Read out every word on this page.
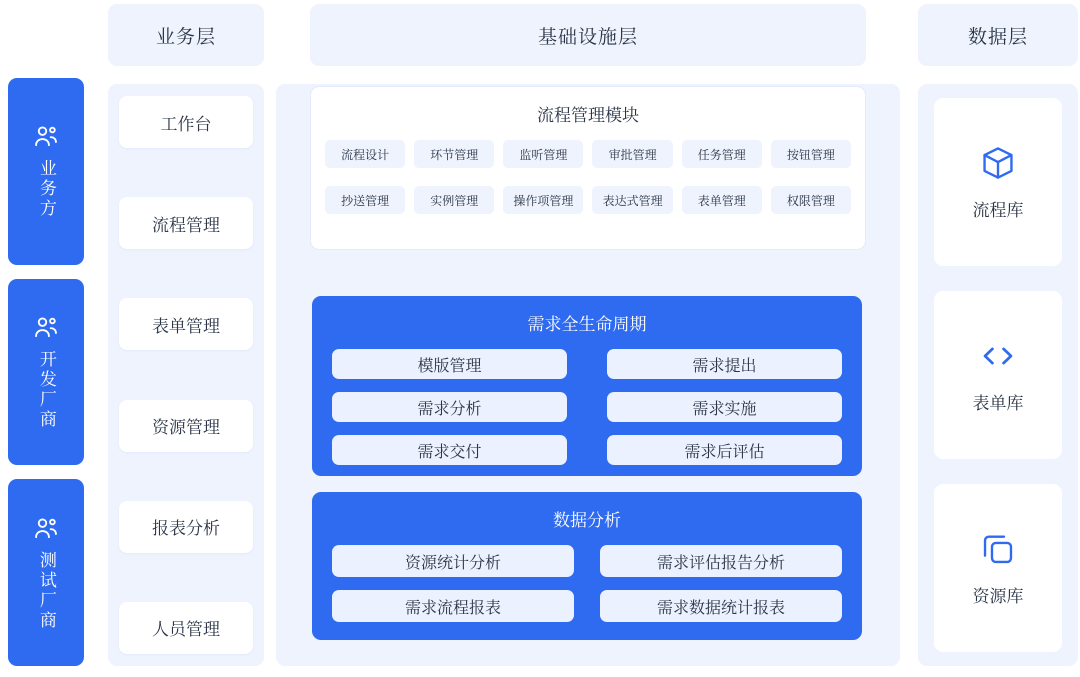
业务方
开发厂商
测试厂商
业务层	基础设施层	数据层
工作台
流程管理
表单管理
资源管理
报表分析
人员管理
流程管理模块
流程设计	环节管理	监听管理	审批管理	任务管理	按钮管理
抄送管理	实例管理	操作项管理	表达式管理	表单管理	权限管理
需求全生命周期
模版管理	需求提出
需求分析	需求实施
需求交付	需求后评估
数据分析
资源统计分析	需求评估报告分析
需求流程报表	需求数据统计报表
流程库
表单库
资源库
